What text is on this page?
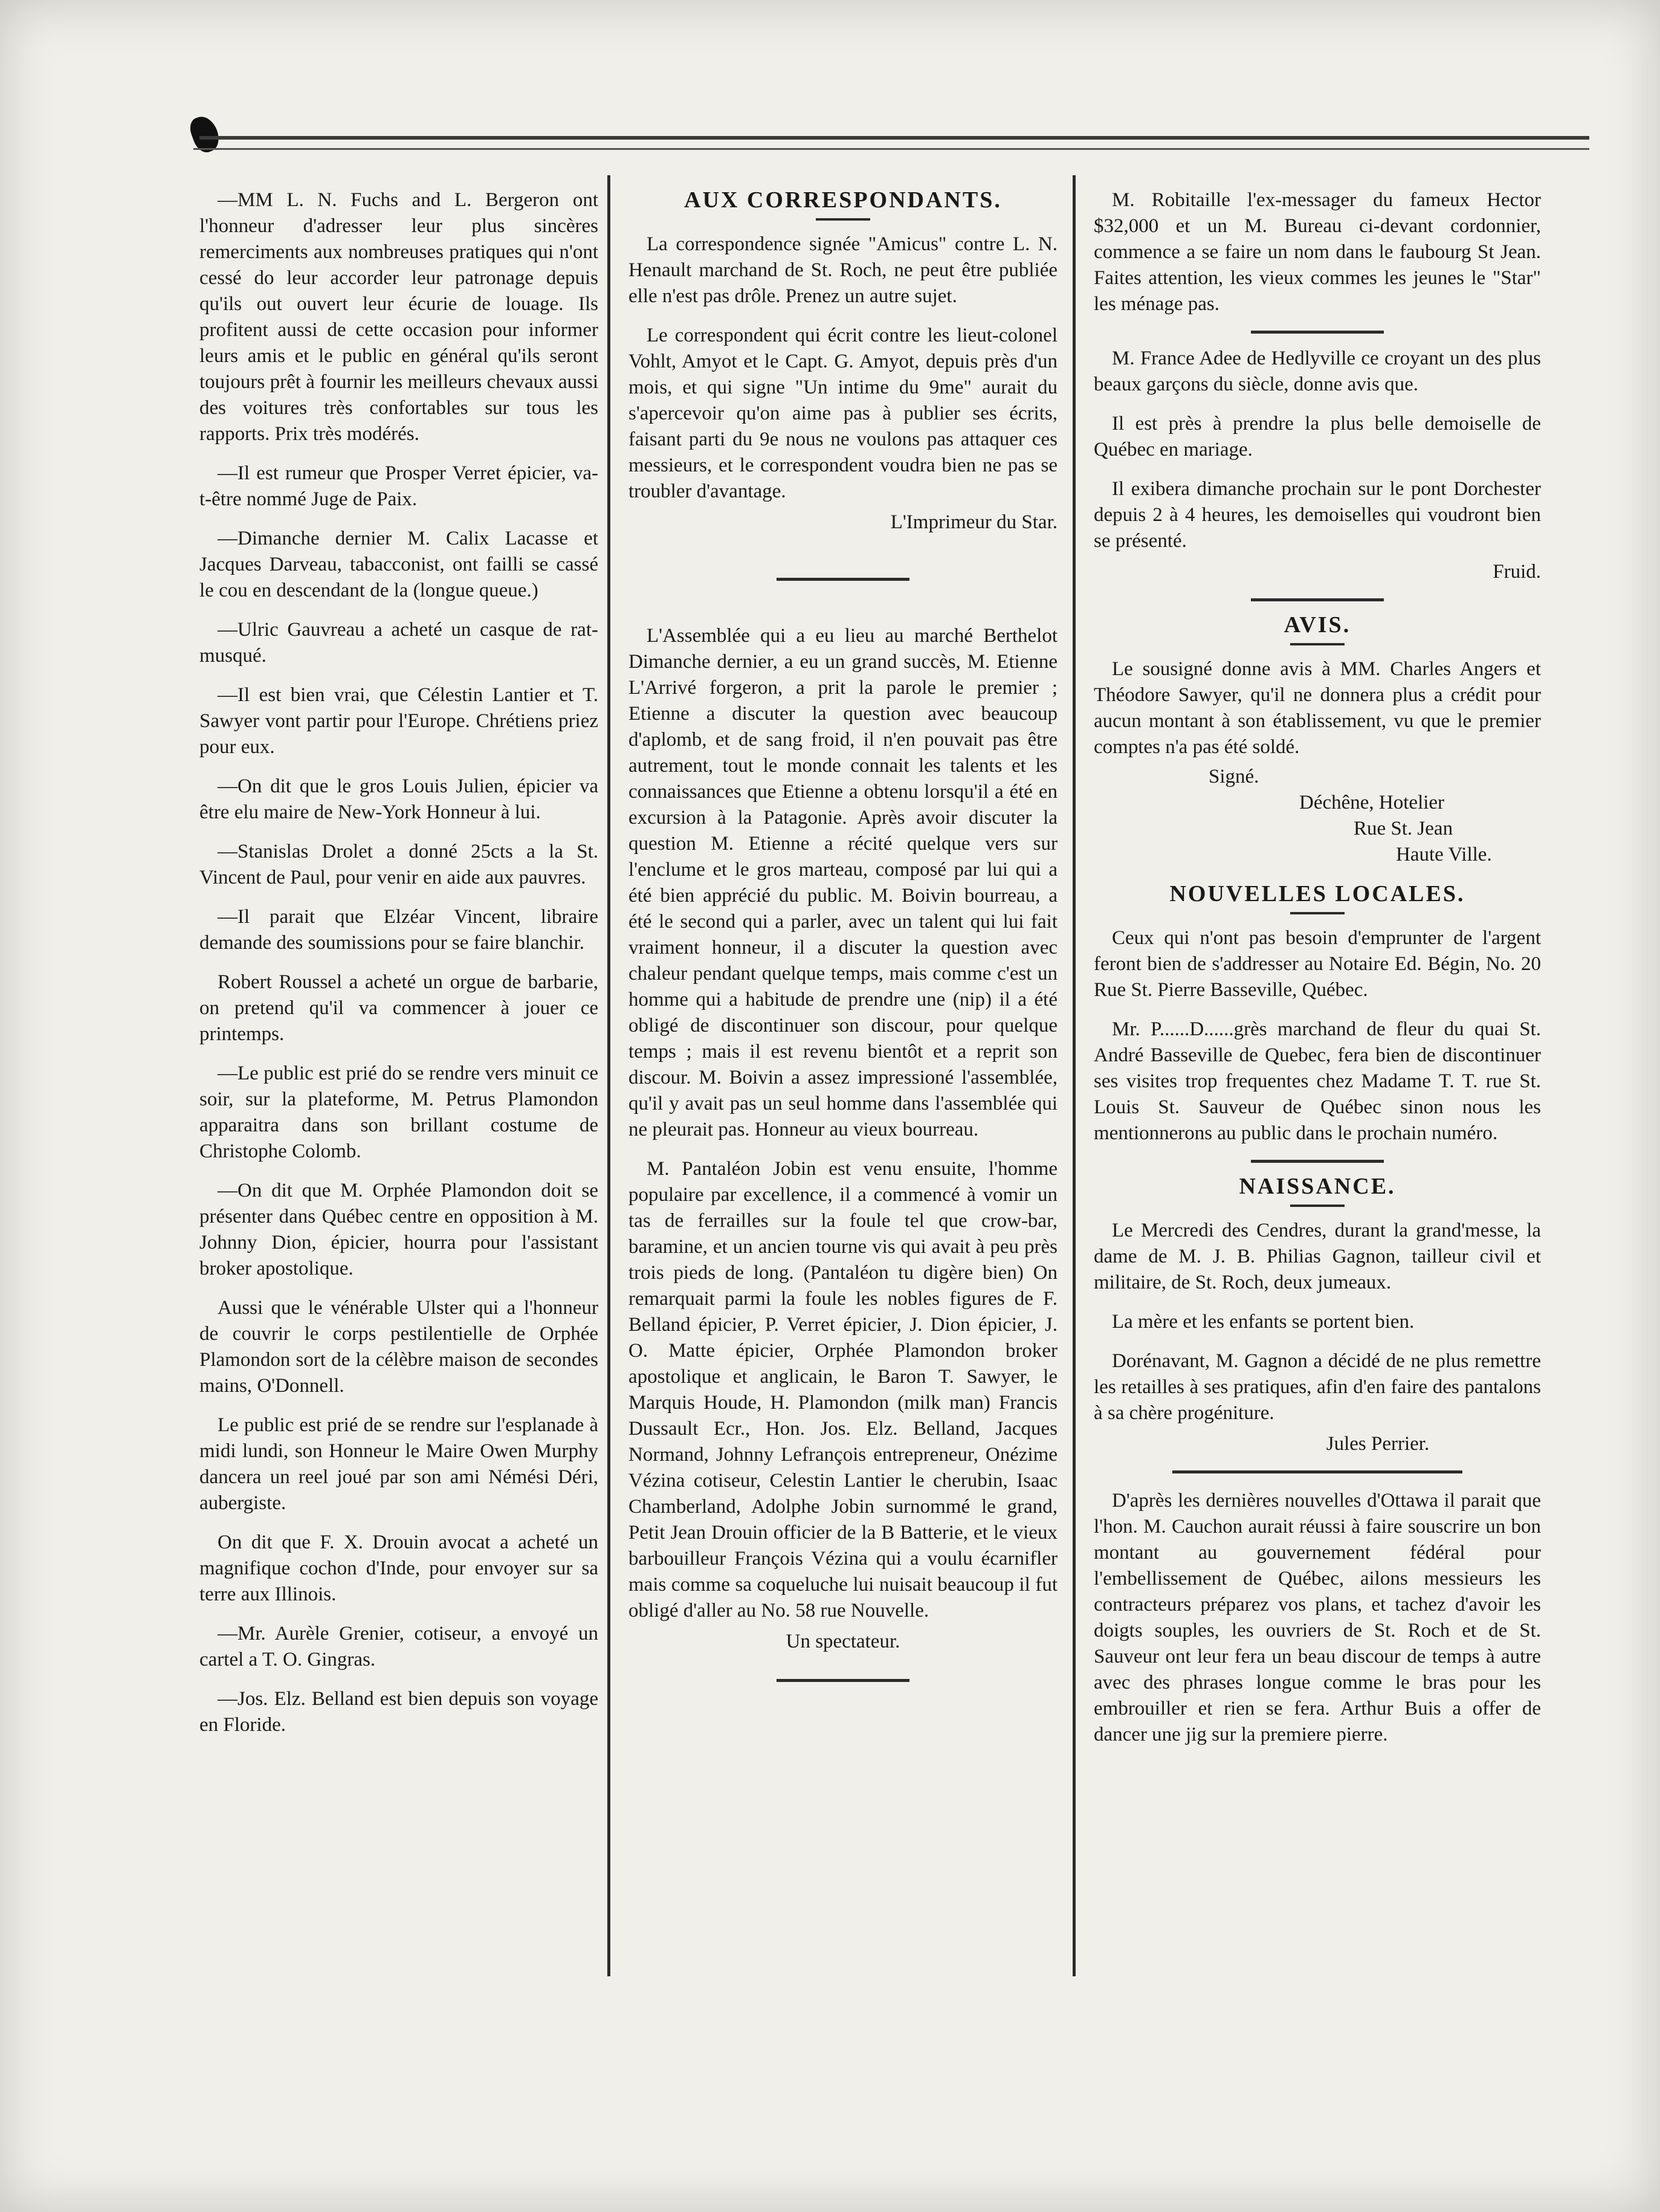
—MM L. N. Fuchs and L. Bergeron ont l'honneur d'adresser leur plus sincères remerciments aux nombreuses pratiques qui n'ont cessé do leur accorder leur patronage depuis qu'ils out ouvert leur écurie de louage. Ils profitent aussi de cette occasion pour informer leurs amis et le public en général qu'ils seront toujours prêt à fournir les meilleurs chevaux aussi des voitures très confortables sur tous les rapports. Prix très modérés.

—Il est rumeur que Prosper Verret épicier, va-t-être nommé Juge de Paix.

—Dimanche dernier M. Calix Lacasse et Jacques Darveau, tabacconist, ont failli se cassé le cou en descendant de la (longue queue.)

—Ulric Gauvreau a acheté un casque de rat-musqué.

—Il est bien vrai, que Célestin Lantier et T. Sawyer vont partir pour l'Europe. Chrétiens priez pour eux.

—On dit que le gros Louis Julien, épicier va être elu maire de New-York Honneur à lui.

—Stanislas Drolet a donné 25cts a la St. Vincent de Paul, pour venir en aide aux pauvres.

—Il parait que Elzéar Vincent, libraire demande des soumissions pour se faire blanchir.

Robert Roussel a acheté un orgue de barbarie, on pretend qu'il va commencer à jouer ce printemps.

—Le public est prié do se rendre vers minuit ce soir, sur la plateforme, M. Petrus Plamondon apparaitra dans son brillant costume de Christophe Colomb.

—On dit que M. Orphée Plamondon doit se présenter dans Québec centre en opposition à M. Johnny Dion, épicier, hourra pour l'assistant broker apostolique.

Aussi que le vénérable Ulster qui a l'honneur de couvrir le corps pestilentielle de Orphée Plamondon sort de la célèbre maison de secondes mains, O'Donnell.

Le public est prié de se rendre sur l'esplanade à midi lundi, son Honneur le Maire Owen Murphy dancera un reel joué par son ami Némési Déri, aubergiste.

On dit que F. X. Drouin avocat a acheté un magnifique cochon d'Inde, pour envoyer sur sa terre aux Illinois.

—Mr. Aurèle Grenier, cotiseur, a envoyé un cartel a T. O. Gingras.

—Jos. Elz. Belland est bien depuis son voyage en Floride.

AUX CORRESPONDANTS.

La correspondence signée "Amicus" contre L. N. Henault marchand de St. Roch, ne peut être publiée elle n'est pas drôle. Prenez un autre sujet.

Le correspondent qui écrit contre les lieut-colonel Vohlt, Amyot et le Capt. G. Amyot, depuis près d'un mois, et qui signe "Un intime du 9me" aurait du s'apercevoir qu'on aime pas à publier ses écrits, faisant parti du 9e nous ne voulons pas attaquer ces messieurs, et le correspondent voudra bien ne pas se troubler d'avantage.

L'Imprimeur du Star.

L'Assemblée qui a eu lieu au marché Berthelot Dimanche dernier, a eu un grand succès, M. Etienne L'Arrivé forgeron, a prit la parole le premier ; Etienne a discuter la question avec beaucoup d'aplomb, et de sang froid, il n'en pouvait pas être autrement, tout le monde connait les talents et les connaissances que Etienne a obtenu lorsqu'il a été en excursion à la Patagonie. Après avoir discuter la question M. Etienne a récité quelque vers sur l'enclume et le gros marteau, composé par lui qui a été bien apprécié du public. M. Boivin bourreau, a été le second qui a parler, avec un talent qui lui fait vraiment honneur, il a discuter la question avec chaleur pendant quelque temps, mais comme c'est un homme qui a habitude de prendre une (nip) il a été obligé de discontinuer son discour, pour quelque temps ; mais il est revenu bientôt et a reprit son discour. M. Boivin a assez impressioné l'assemblée, qu'il y avait pas un seul homme dans l'assemblée qui ne pleurait pas. Honneur au vieux bourreau.

M. Pantaléon Jobin est venu ensuite, l'homme populaire par excellence, il a commencé à vomir un tas de ferrailles sur la foule tel que crow-bar, baramine, et un ancien tourne vis qui avait à peu près trois pieds de long. (Pantaléon tu digère bien) On remarquait parmi la foule les nobles figures de F. Belland épicier, P. Verret épicier, J. Dion épicier, J. O. Matte épicier, Orphée Plamondon broker apostolique et anglicain, le Baron T. Sawyer, le Marquis Houde, H. Plamondon (milk man) Francis Dussault Ecr., Hon. Jos. Elz. Belland, Jacques Normand, Johnny Lefrançois entrepreneur, Onézime Vézina cotiseur, Celestin Lantier le cherubin, Isaac Chamberland, Adolphe Jobin surnommé le grand, Petit Jean Drouin officier de la B Batterie, et le vieux barbouilleur François Vézina qui a voulu écarnifler mais comme sa coqueluche lui nuisait beaucoup il fut obligé d'aller au No. 58 rue Nouvelle.

Un spectateur.

M. Robitaille l'ex-messager du fameux Hector $32,000 et un M. Bureau ci-devant cordonnier, commence a se faire un nom dans le faubourg St Jean. Faites attention, les vieux commes les jeunes le "Star" les ménage pas.

M. France Adee de Hedlyville ce croyant un des plus beaux garçons du siècle, donne avis que.

Il est près à prendre la plus belle demoiselle de Québec en mariage.

Il exibera dimanche prochain sur le pont Dorchester depuis 2 à 4 heures, les demoiselles qui voudront bien se présenté.

Fruid.

AVIS.

Le sousigné donne avis à MM. Charles Angers et Théodore Sawyer, qu'il ne donnera plus a crédit pour aucun montant à son établissement, vu que le premier comptes n'a pas été soldé.

Signé.

Déchêne, Hotelier

Rue St. Jean

Haute Ville.

NOUVELLES LOCALES.

Ceux qui n'ont pas besoin d'emprunter de l'argent feront bien de s'addresser au Notaire Ed. Bégin, No. 20 Rue St. Pierre Basseville, Québec.

Mr. P......D......grès marchand de fleur du quai St. André Basseville de Quebec, fera bien de discontinuer ses visites trop frequentes chez Madame T. T. rue St. Louis St. Sauveur de Québec sinon nous les mentionnerons au public dans le prochain numéro.

NAISSANCE.

Le Mercredi des Cendres, durant la grand'messe, la dame de M. J. B. Philias Gagnon, tailleur civil et militaire, de St. Roch, deux jumeaux.

La mère et les enfants se portent bien.

Dorénavant, M. Gagnon a décidé de ne plus remettre les retailles à ses pratiques, afin d'en faire des pantalons à sa chère progéniture.

Jules Perrier.

D'après les dernières nouvelles d'Ottawa il parait que l'hon. M. Cauchon aurait réussi à faire souscrire un bon montant au gouvernement fédéral pour l'embellissement de Québec, ailons messieurs les contracteurs préparez vos plans, et tachez d'avoir les doigts souples, les ouvriers de St. Roch et de St. Sauveur ont leur fera un beau discour de temps à autre avec des phrases longue comme le bras pour les embrouiller et rien se fera. Arthur Buis a offer de dancer une jig sur la premiere pierre.
